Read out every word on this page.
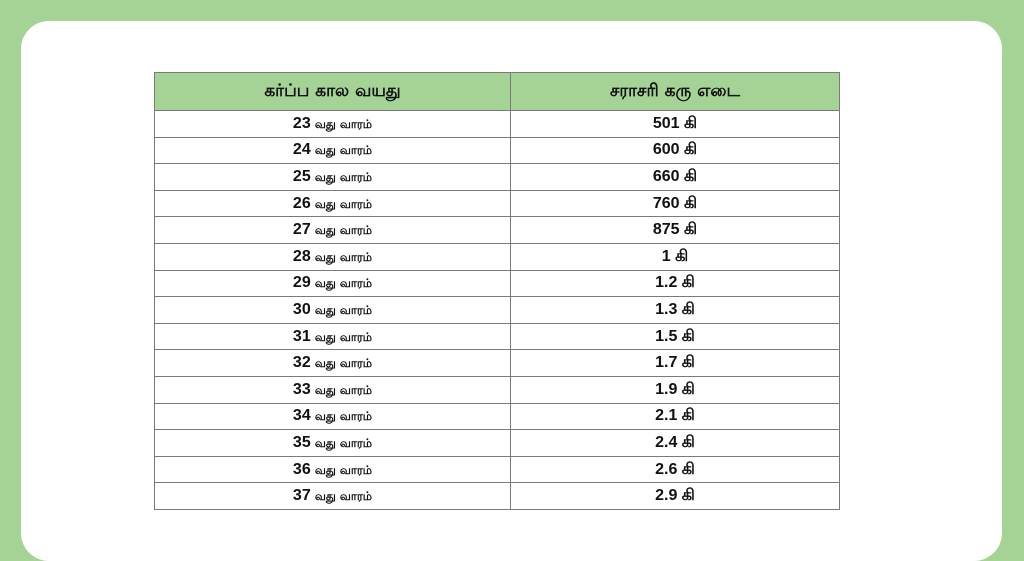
கர்ப்ப கால வயது	சராசரி கரு எடை
23 வது வாரம்	501 கி
24 வது வாரம்	600 கி
25 வது வாரம்	660 கி
26 வது வாரம்	760 கி
27 வது வாரம்	875 கி
28 வது வாரம்	1 கி
29 வது வாரம்	1.2 கி
30 வது வாரம்	1.3 கி
31 வது வாரம்	1.5 கி
32 வது வாரம்	1.7 கி
33 வது வாரம்	1.9 கி
34 வது வாரம்	2.1 கி
35 வது வாரம்	2.4 கி
36 வது வாரம்	2.6 கி
37 வது வாரம்	2.9 கி
